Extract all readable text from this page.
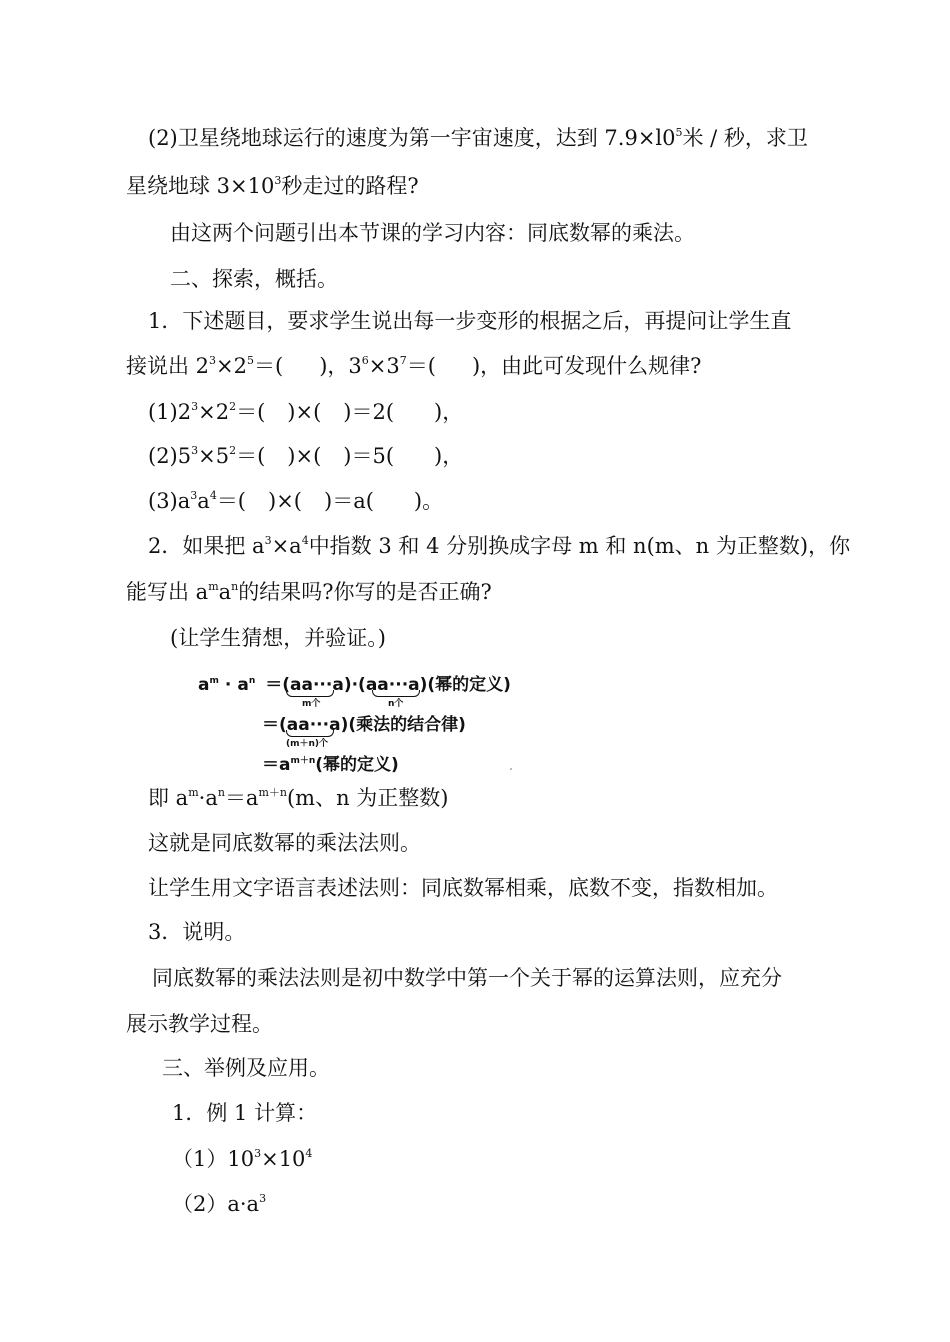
(2)卫星绕地球运行的速度为第一宇宙速度，达到 $7.9\times l0^5$米 / 秒，求卫
星绕地球 $3\times 10^3$秒走过的路程?
由这两个问题引出本节课的学习内容：同底数幂的乘法。
二、探索，概括。
1．下述题目，要求学生说出每一步变形的根据之后，再提问让学生直
接说出 $2^3\times 2^5=$( )，$3^6\times 3^7=$( )，由此可发现什么规律?
$(1)2^3\times 2^2=$( )×( )＝2( )，
$(2)5^3\times 5^2=$( )×( )＝5( )，
$(3)a^3a^4=$( )×( )＝a( )。
2．如果把 $a^3\times a^4$中指数 3 和 4 分别换成字母 m 和 n(m、n 为正整数)，你
能写出 $a^ma^n$的结果吗?你写的是否正确?
(让学生猜想，并验证。)
$a^m \cdot a^n =(aa\cdot\cdot\cdot a)\cdot(aa\cdot\cdot\cdot a)$(幂的定义)
m个	n个
＝(aa···a)(乘法的结合律)
(m＋n)个
$=a^{m+n}$(幂的定义)
即 $a^m\cdot a^n=a^{m+n}(m$、n 为正整数)
这就是同底数幂的乘法法则。
让学生用文字语言表述法则：同底数幂相乘，底数不变，指数相加。
3．说明。
同底数幂的乘法法则是初中数学中第一个关于幂的运算法则，应充分
展示教学过程。
三、举例及应用。
1．例 1 计算：
$(1)10^3\times 10^4$
$(2)a\cdot a^3$
